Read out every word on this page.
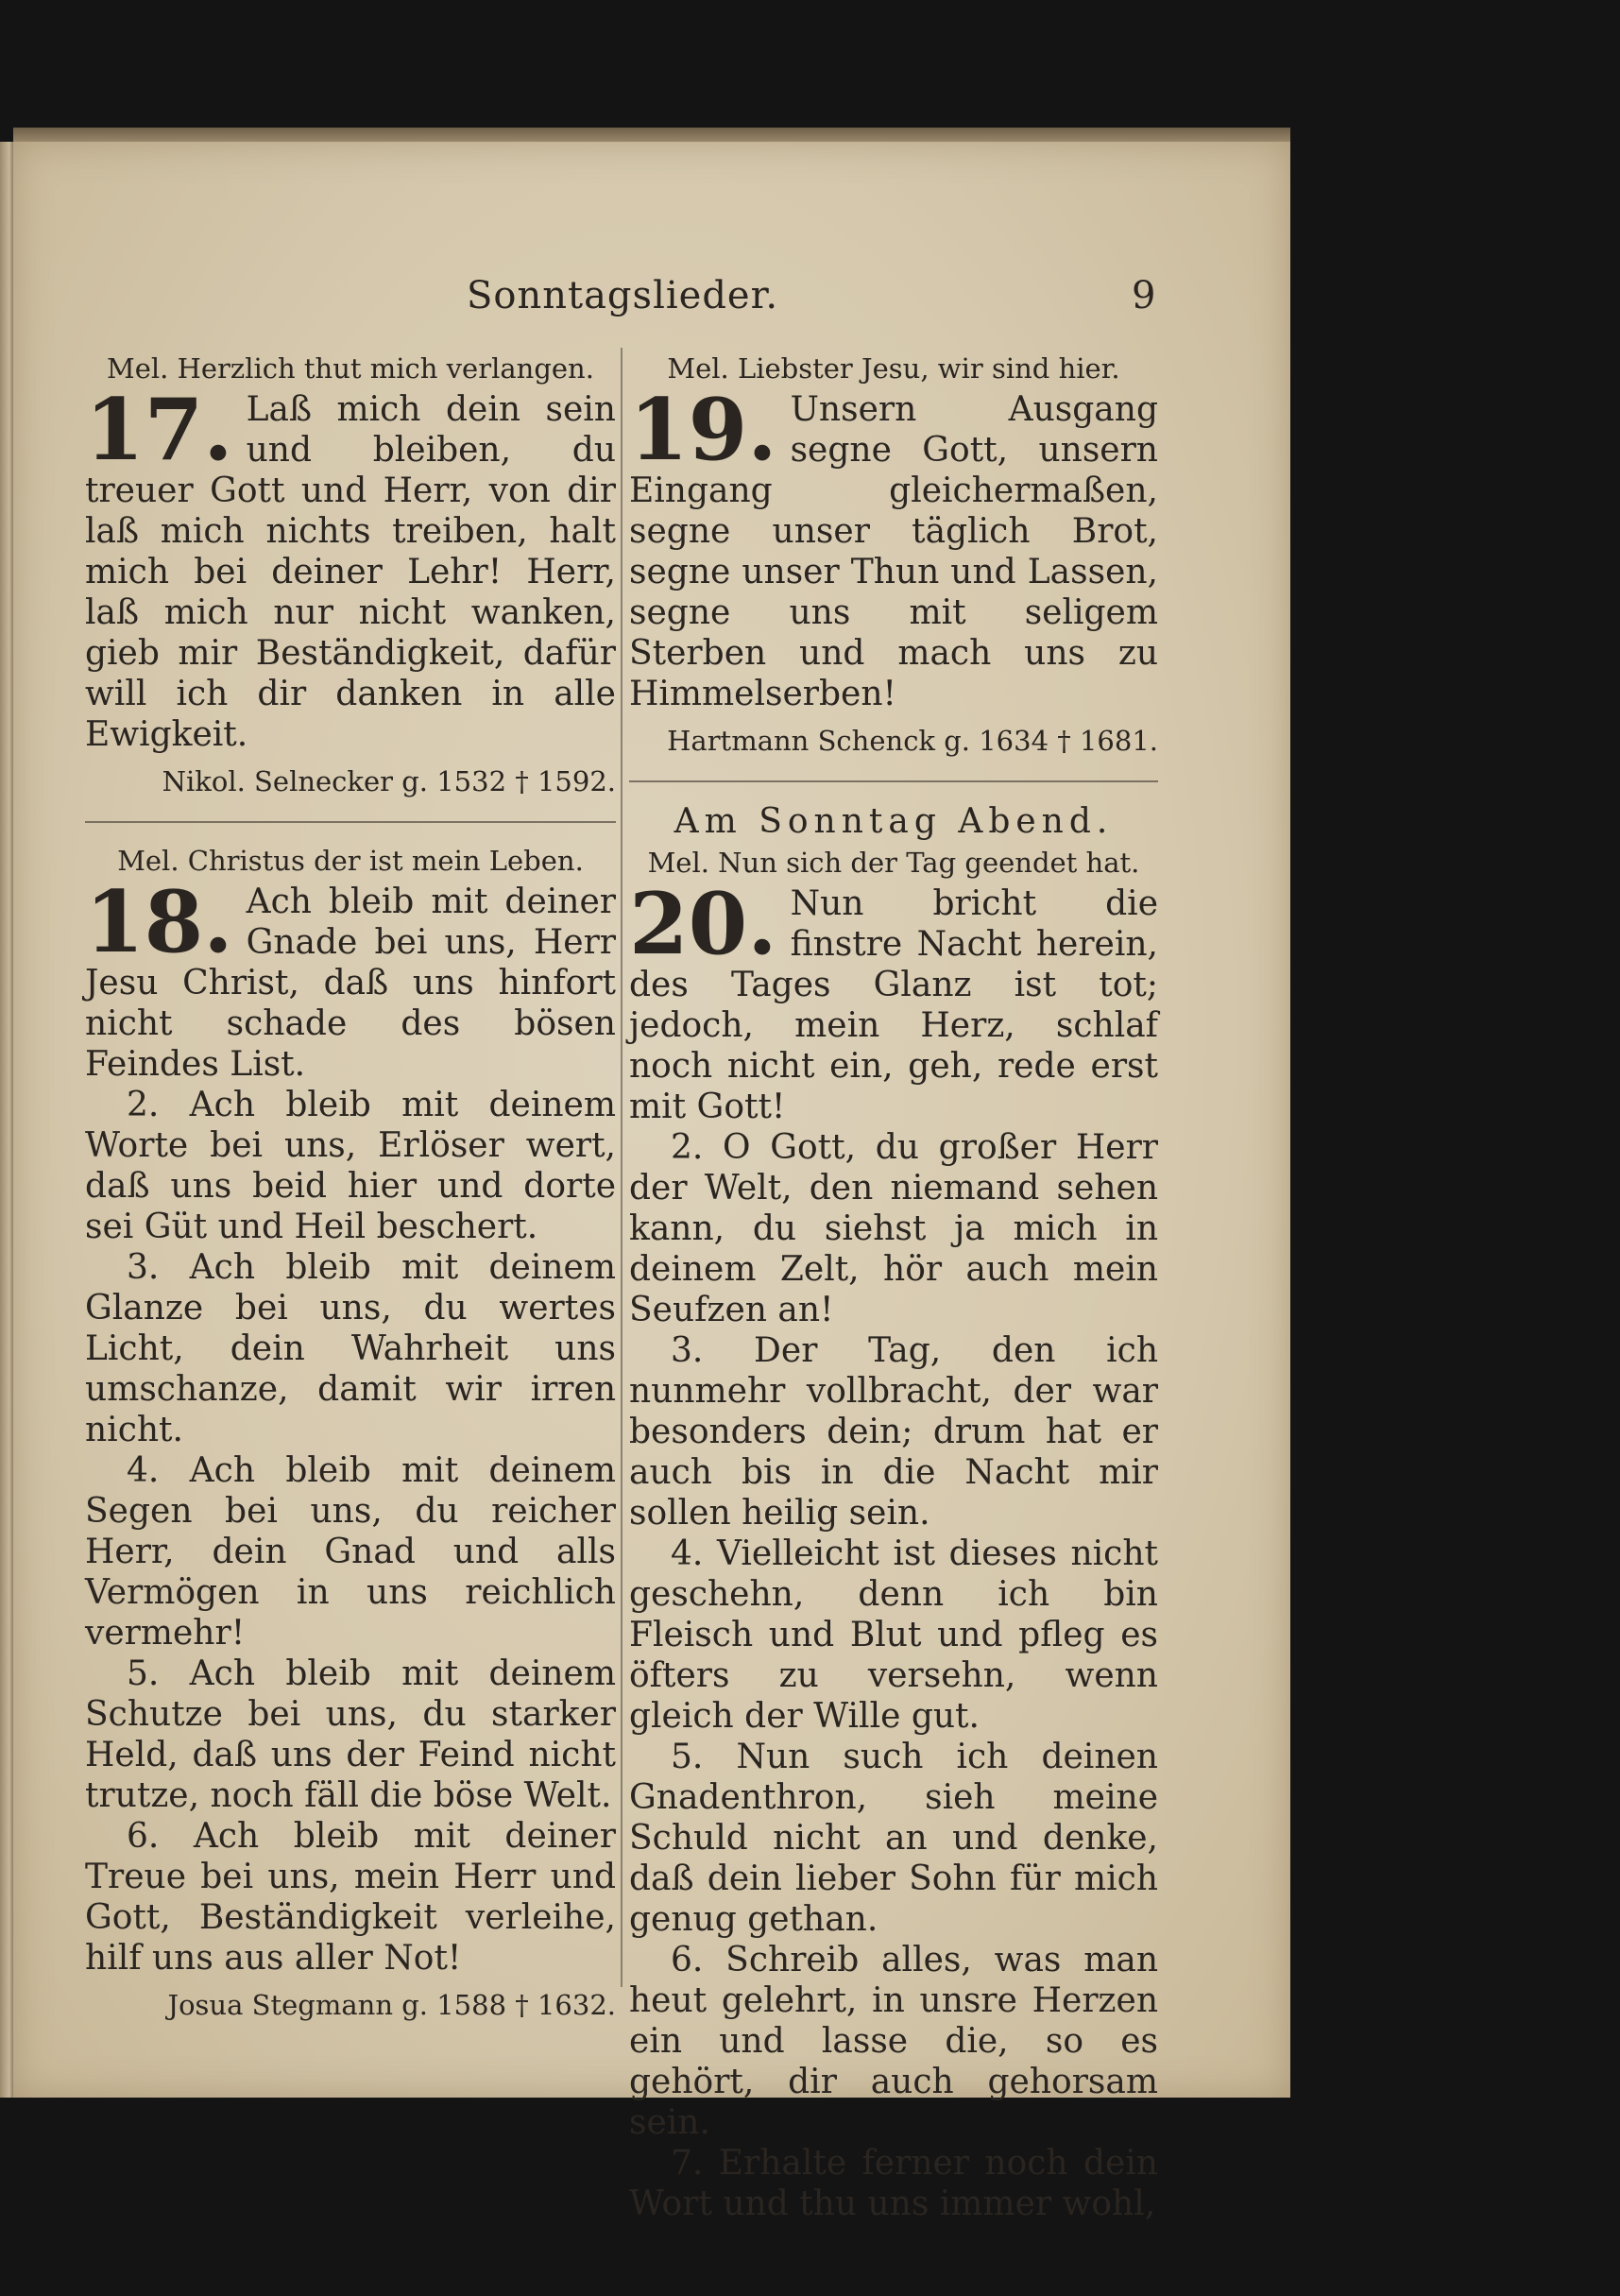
Sonntagslieder.	9

Mel. Herzlich thut mich verlangen.

17. Laß mich dein sein und bleiben, du treuer Gott und Herr, von dir laß mich nichts treiben, halt mich bei deiner Lehr! Herr, laß mich nur nicht wanken, gieb mir Beständigkeit, dafür will ich dir danken in alle Ewigkeit.

Nikol. Selnecker g. 1532 † 1592.

Mel. Christus der ist mein Leben.

18. Ach bleib mit deiner Gnade bei uns, Herr Jesu Christ, daß uns hinfort nicht schade des bösen Feindes List.

2. Ach bleib mit deinem Worte bei uns, Erlöser wert, daß uns beid hier und dorte sei Güt und Heil beschert.

3. Ach bleib mit deinem Glanze bei uns, du wertes Licht, dein Wahrheit uns umschanze, damit wir irren nicht.

4. Ach bleib mit deinem Segen bei uns, du reicher Herr, dein Gnad und alls Vermögen in uns reichlich vermehr!

5. Ach bleib mit deinem Schutze bei uns, du starker Held, daß uns der Feind nicht trutze, noch fäll die böse Welt.

6. Ach bleib mit deiner Treue bei uns, mein Herr und Gott, Beständigkeit verleihe, hilf uns aus aller Not!

Josua Stegmann g. 1588 † 1632.

Mel. Liebster Jesu, wir sind hier.

19. Unsern Ausgang segne Gott, unsern Eingang gleichermaßen, segne unser täglich Brot, segne unser Thun und Lassen, segne uns mit seligem Sterben und mach uns zu Himmelserben!

Hartmann Schenck g. 1634 † 1681.

Am Sonntag Abend.

Mel. Nun sich der Tag geendet hat.

20. Nun bricht die finstre Nacht herein, des Tages Glanz ist tot; jedoch, mein Herz, schlaf noch nicht ein, geh, rede erst mit Gott!

2. O Gott, du großer Herr der Welt, den niemand sehen kann, du siehst ja mich in deinem Zelt, hör auch mein Seufzen an!

3. Der Tag, den ich nunmehr vollbracht, der war besonders dein; drum hat er auch bis in die Nacht mir sollen heilig sein.

4. Vielleicht ist dieses nicht geschehn, denn ich bin Fleisch und Blut und pfleg es öfters zu versehn, wenn gleich der Wille gut.

5. Nun such ich deinen Gnadenthron, sieh meine Schuld nicht an und denke, daß dein lieber Sohn für mich genug gethan.

6. Schreib alles, was man heut gelehrt, in unsre Herzen ein und lasse die, so es gehört, dir auch gehorsam sein.

7. Erhalte ferner noch dein Wort und thu uns immer wohl,
